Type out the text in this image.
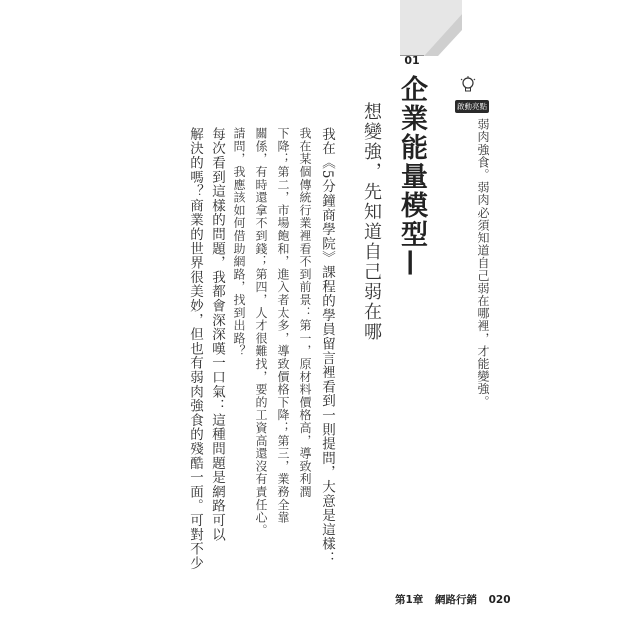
01
企業能量模型—
想變強，先知道自己弱在哪	啟動亮點

弱肉強食。弱肉必須知道自己弱在哪裡，才能變強。

我在《5分鐘商學院》課程的學員留言裡看到一則提問，大意是這樣：

我在某個傳統行業裡看不到前景：第一，原材料價格高，導致利潤

下降；第二，市場飽和，進入者太多，導致價格下降；第三，業務全靠

關係，有時還拿不到錢；第四，人才很難找，要的工資高還沒有責任心。

請問，我應該如何借助網路，找到出路？

每次看到這樣的問題，我都會深深嘆一口氣：這種問題是網路可以

解決的嗎？商業的世界很美妙，但也有弱肉強食的殘酷一面。可對不少

第1章 網路行銷 020
